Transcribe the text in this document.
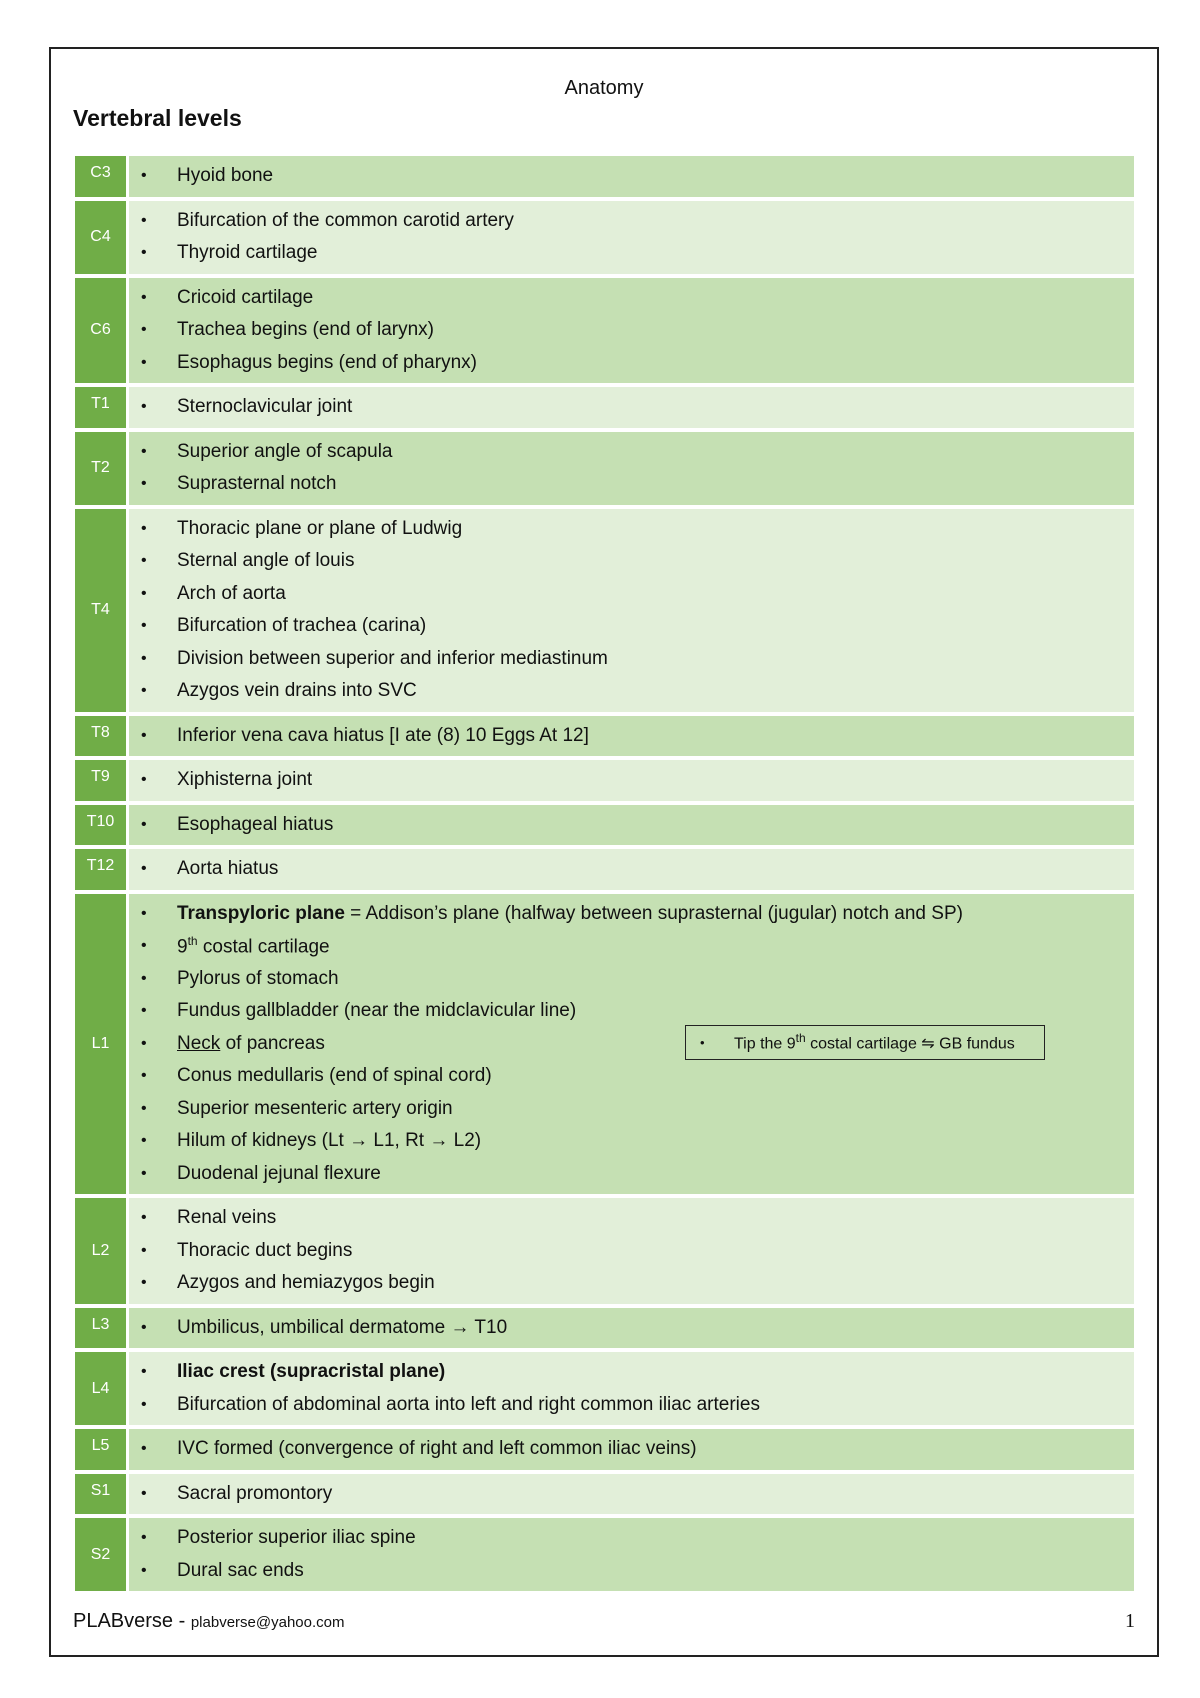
Anatomy
Vertebral levels
C3	•	Hyoid bone
C4
•	Bifurcation of the common carotid artery
•	Thyroid cartilage
C6
•	Cricoid cartilage
•	Trachea begins (end of larynx)
•	Esophagus begins (end of pharynx)
T1	•	Sternoclavicular joint
T2
•	Superior angle of scapula
•	Suprasternal notch
T4
•	Thoracic plane or plane of Ludwig
•	Sternal angle of louis
•	Arch of aorta
•	Bifurcation of trachea (carina)
•	Division between superior and inferior mediastinum
•	Azygos vein drains into SVC
T8	•	Inferior vena cava hiatus [I ate (8) 10 Eggs At 12]
T9	•	Xiphisterna joint
T10	•	Esophageal hiatus
T12	•	Aorta hiatus
L1
•	Transpyloric plane = Addison’s plane (halfway between suprasternal (jugular) notch and SP)
•	9th costal cartilage
•	Pylorus of stomach
•	Fundus gallbladder (near the midclavicular line)
•	Neck of pancreas
•	Conus medullaris (end of spinal cord)
•	Superior mesenteric artery origin
•	Hilum of kidneys (Lt → L1, Rt → L2)
•	Duodenal jejunal flexure
•	Tip the 9th costal cartilage ⇋ GB fundus
L2
•	Renal veins
•	Thoracic duct begins
•	Azygos and hemiazygos begin
L3	•	Umbilicus, umbilical dermatome → T10
L4
•	Iliac crest (supracristal plane)
•	Bifurcation of abdominal aorta into left and right common iliac arteries
L5	•	IVC formed (convergence of right and left common iliac veins)
S1	•	Sacral promontory
S2
•	Posterior superior iliac spine
•	Dural sac ends
PLABverse - plabverse@yahoo.com	1
